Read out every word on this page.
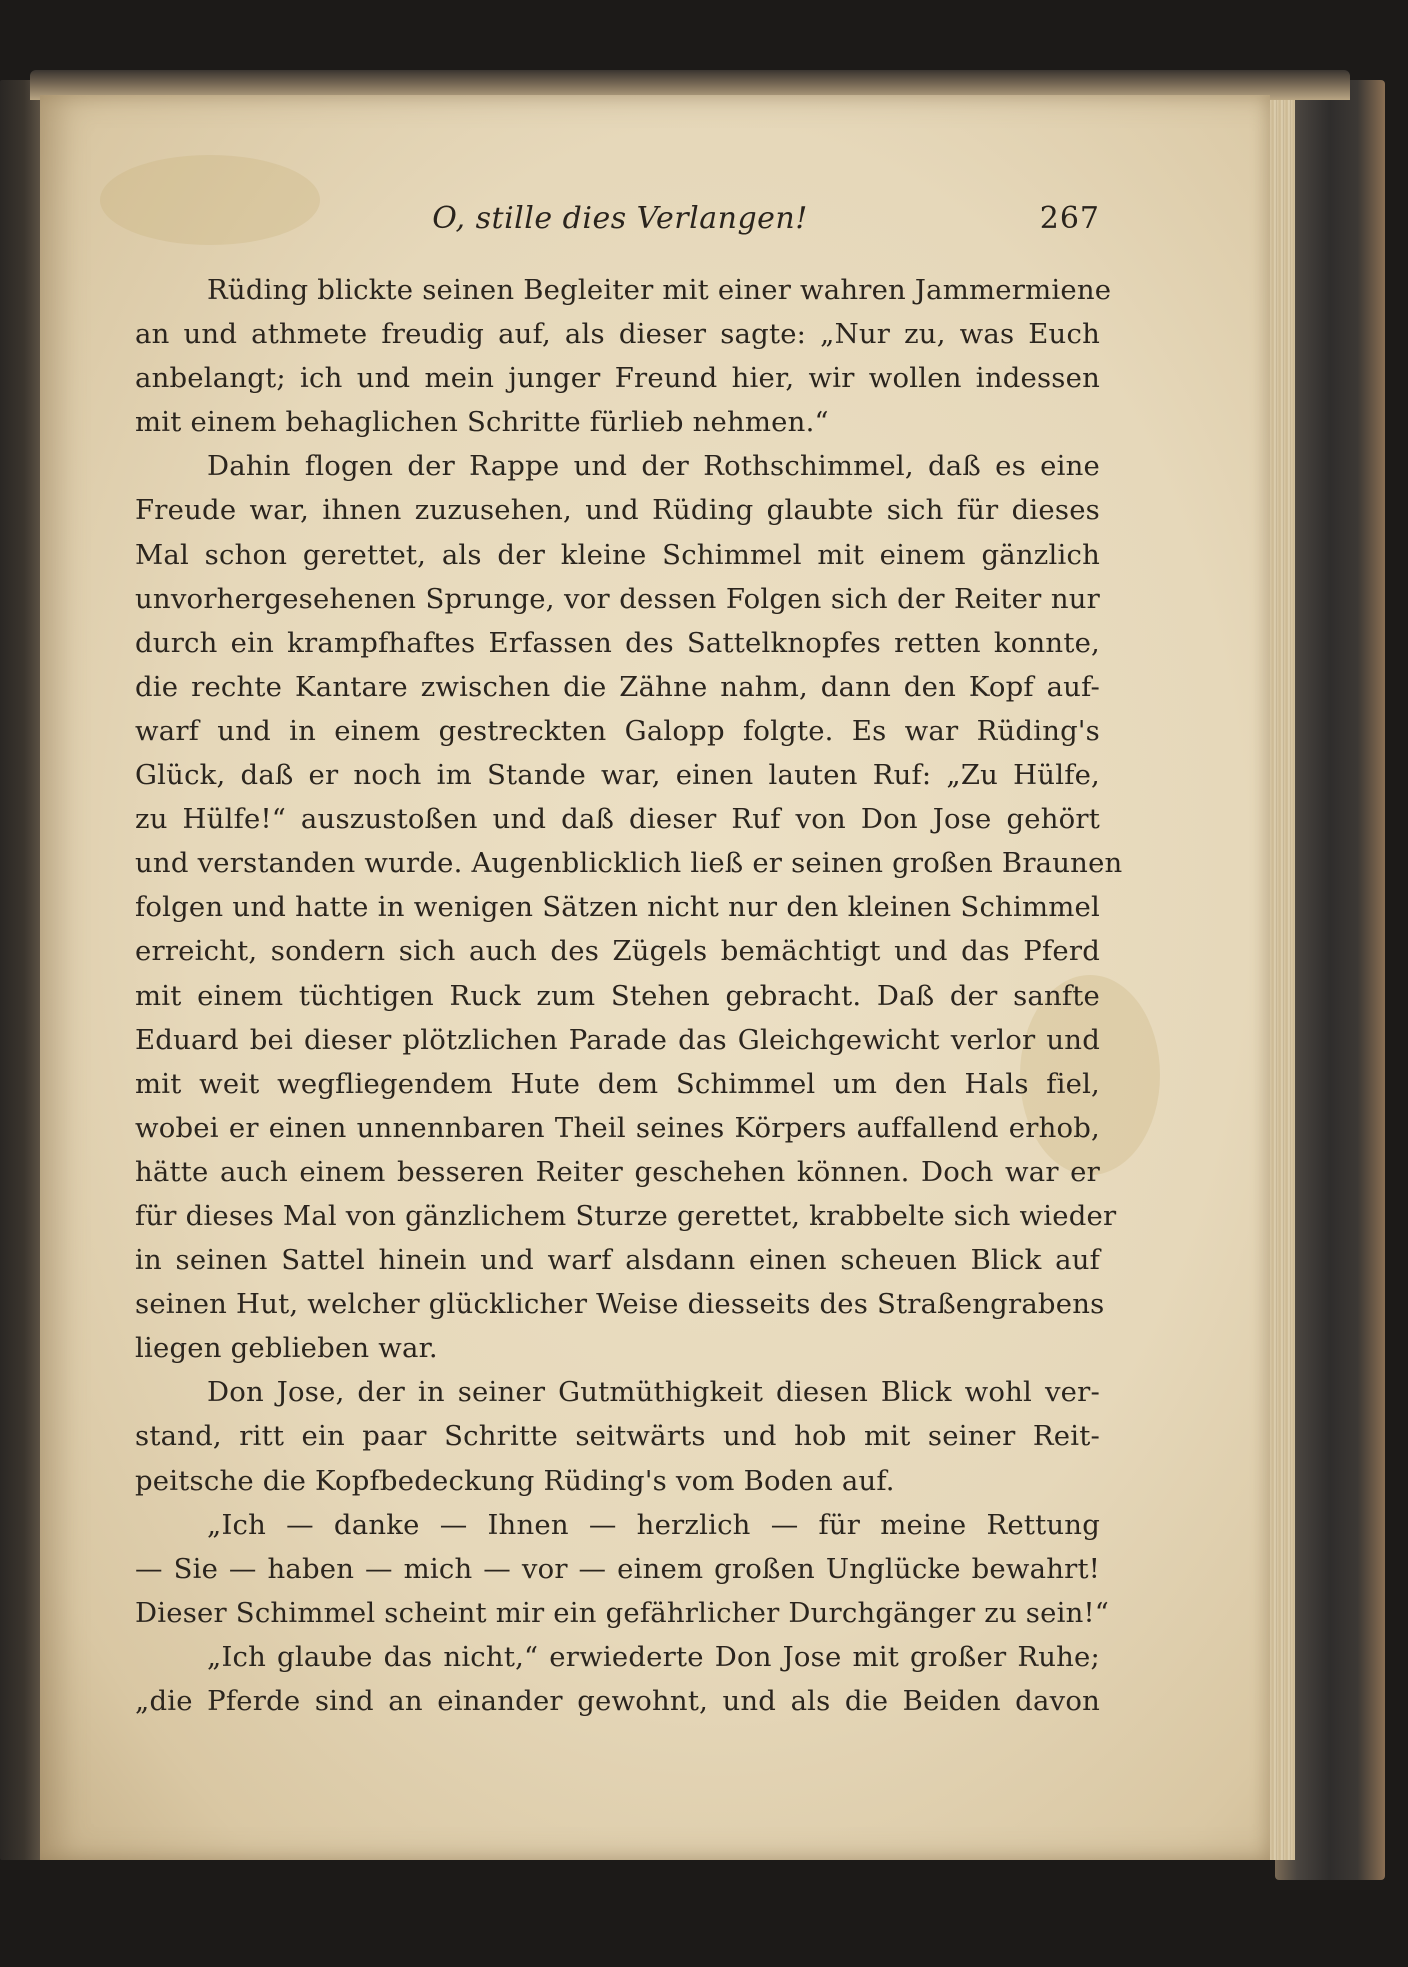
O, stille dies Verlangen!	267
Rüding blickte seinen Begleiter mit einer wahren Jammermiene
an und athmete freudig auf, als dieser sagte: „Nur zu, was Euch
anbelangt; ich und mein junger Freund hier, wir wollen indessen
mit einem behaglichen Schritte fürlieb nehmen.“
Dahin flogen der Rappe und der Rothschimmel, daß es eine
Freude war, ihnen zuzusehen, und Rüding glaubte sich für dieses
Mal schon gerettet, als der kleine Schimmel mit einem gänzlich
unvorhergesehenen Sprunge, vor dessen Folgen sich der Reiter nur
durch ein krampfhaftes Erfassen des Sattelknopfes retten konnte,
die rechte Kantare zwischen die Zähne nahm, dann den Kopf auf-
warf und in einem gestreckten Galopp folgte. Es war Rüding's
Glück, daß er noch im Stande war, einen lauten Ruf: „Zu Hülfe,
zu Hülfe!“ auszustoßen und daß dieser Ruf von Don Jose gehört
und verstanden wurde. Augenblicklich ließ er seinen großen Braunen
folgen und hatte in wenigen Sätzen nicht nur den kleinen Schimmel
erreicht, sondern sich auch des Zügels bemächtigt und das Pferd
mit einem tüchtigen Ruck zum Stehen gebracht. Daß der sanfte
Eduard bei dieser plötzlichen Parade das Gleichgewicht verlor und
mit weit wegfliegendem Hute dem Schimmel um den Hals fiel,
wobei er einen unnennbaren Theil seines Körpers auffallend erhob,
hätte auch einem besseren Reiter geschehen können. Doch war er
für dieses Mal von gänzlichem Sturze gerettet, krabbelte sich wieder
in seinen Sattel hinein und warf alsdann einen scheuen Blick auf
seinen Hut, welcher glücklicher Weise diesseits des Straßengrabens
liegen geblieben war.
Don Jose, der in seiner Gutmüthigkeit diesen Blick wohl ver-
stand, ritt ein paar Schritte seitwärts und hob mit seiner Reit-
peitsche die Kopfbedeckung Rüding's vom Boden auf.
„Ich — danke — Ihnen — herzlich — für meine Rettung
— Sie — haben — mich — vor — einem großen Unglücke bewahrt!
Dieser Schimmel scheint mir ein gefährlicher Durchgänger zu sein!“
„Ich glaube das nicht,“ erwiederte Don Jose mit großer Ruhe;
„die Pferde sind an einander gewohnt, und als die Beiden davon
